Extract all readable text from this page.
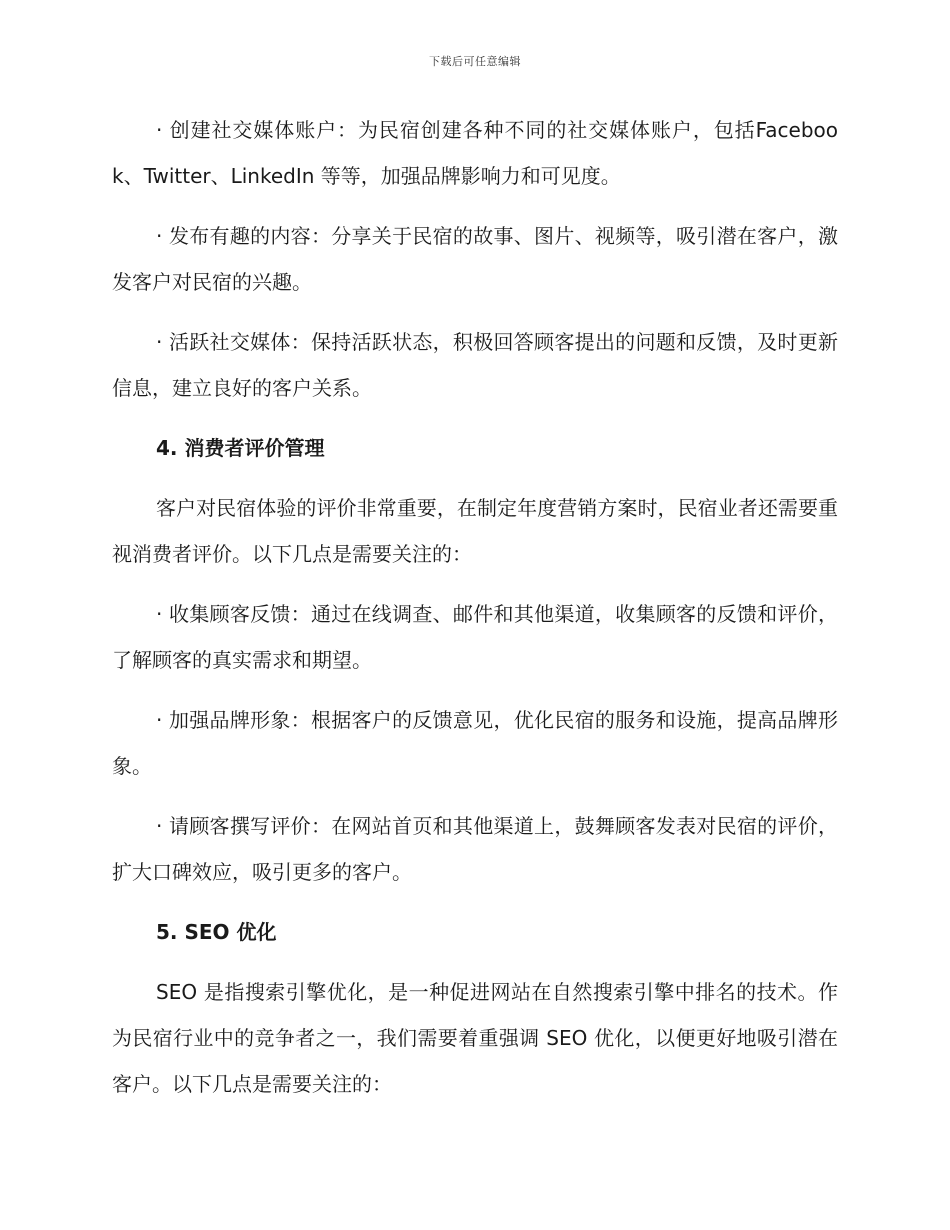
下载后可任意编辑

· 创建社交媒体账户：为民宿创建各种不同的社交媒体账户，包括Facebook、Twitter、LinkedIn 等等，加强品牌影响力和可见度。

· 发布有趣的内容：分享关于民宿的故事、图片、视频等，吸引潜在客户，激发客户对民宿的兴趣。

· 活跃社交媒体：保持活跃状态，积极回答顾客提出的问题和反馈，及时更新信息，建立良好的客户关系。

4. 消费者评价管理

客户对民宿体验的评价非常重要，在制定年度营销方案时，民宿业者还需要重视消费者评价。以下几点是需要关注的：

· 收集顾客反馈：通过在线调查、邮件和其他渠道，收集顾客的反馈和评价，了解顾客的真实需求和期望。

· 加强品牌形象：根据客户的反馈意见，优化民宿的服务和设施，提高品牌形象。

· 请顾客撰写评价：在网站首页和其他渠道上，鼓舞顾客发表对民宿的评价，扩大口碑效应，吸引更多的客户。

5. SEO 优化

SEO 是指搜索引擎优化，是一种促进网站在自然搜索引擎中排名的技术。作为民宿行业中的竞争者之一，我们需要着重强调 SEO 优化，以便更好地吸引潜在客户。以下几点是需要关注的：
